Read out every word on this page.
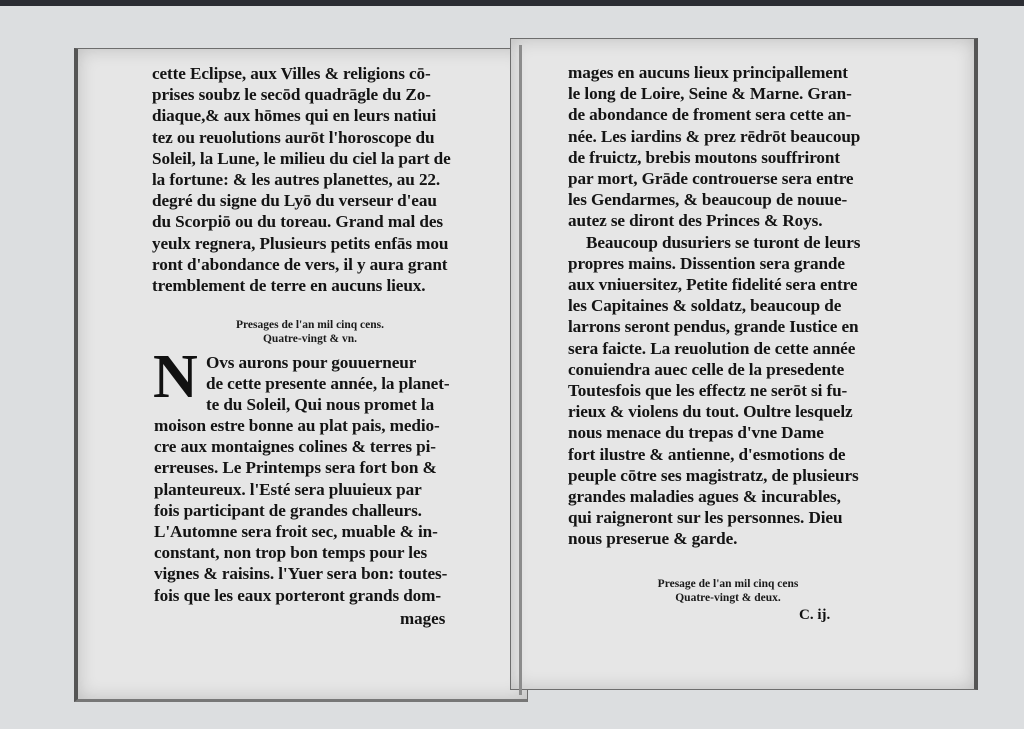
cette Eclipse, aux Villes & religions cō-
prises soubz le secōd quadrāgle du Zo-
diaque,& aux hōmes qui en leurs natiui
tez ou reuolutions aurōt l'horoscope du
Soleil, la Lune, le milieu du ciel la part de
la fortune: & les autres planettes, au 22.
degré du signe du Lyō du verseur d'eau
du Scorpiō ou du toreau. Grand mal des
yeulx regnera, Plusieurs petits enfās mou
ront d'abondance de vers, il y aura grant
tremblement de terre en aucuns lieux.
Presages de l'an mil cinq cens.
Quatre-vingt & vn.
N Ovs aurons pour gouuerneur
de cette presente année, la planet-
te du Soleil, Qui nous promet la
moison estre bonne au plat pais, medio-
cre aux montaignes colines & terres pi-
erreuses. Le Printemps sera fort bon &
planteureux. l'Esté sera pluuieux par
fois participant de grandes challeurs.
L'Automne sera froit sec, muable & in-
constant, non trop bon temps pour les
vignes & raisins. l'Yuer sera bon: toutes-
fois que les eaux porteront grands dom-
mages
mages en aucuns lieux principallement
le long de Loire, Seine & Marne. Gran-
de abondance de froment sera cette an-
née. Les iardins & prez rēdrōt beaucoup
de fruictz, brebis moutons souffriront
par mort, Grāde controuerse sera entre
les Gendarmes, & beaucoup de nouue-
autez se diront des Princes & Roys.
Beaucoup dusuriers se turont de leurs
propres mains. Dissention sera grande
aux vniuersitez, Petite fidelité sera entre
les Capitaines & soldatz, beaucoup de
larrons seront pendus, grande Iustice en
sera faicte. La reuolution de cette année
conuiendra auec celle de la presedente
Toutesfois que les effectz ne serōt si fu-
rieux & violens du tout. Oultre lesquelz
nous menace du trepas d'vne Dame
fort ilustre & antienne, d'esmotions de
peuple cōtre ses magistratz, de plusieurs
grandes maladies agues & incurables,
qui raigneront sur les personnes. Dieu
nous preserue & garde.
Presage de l'an mil cinq cens
Quatre-vingt & deux.
C. ij.
